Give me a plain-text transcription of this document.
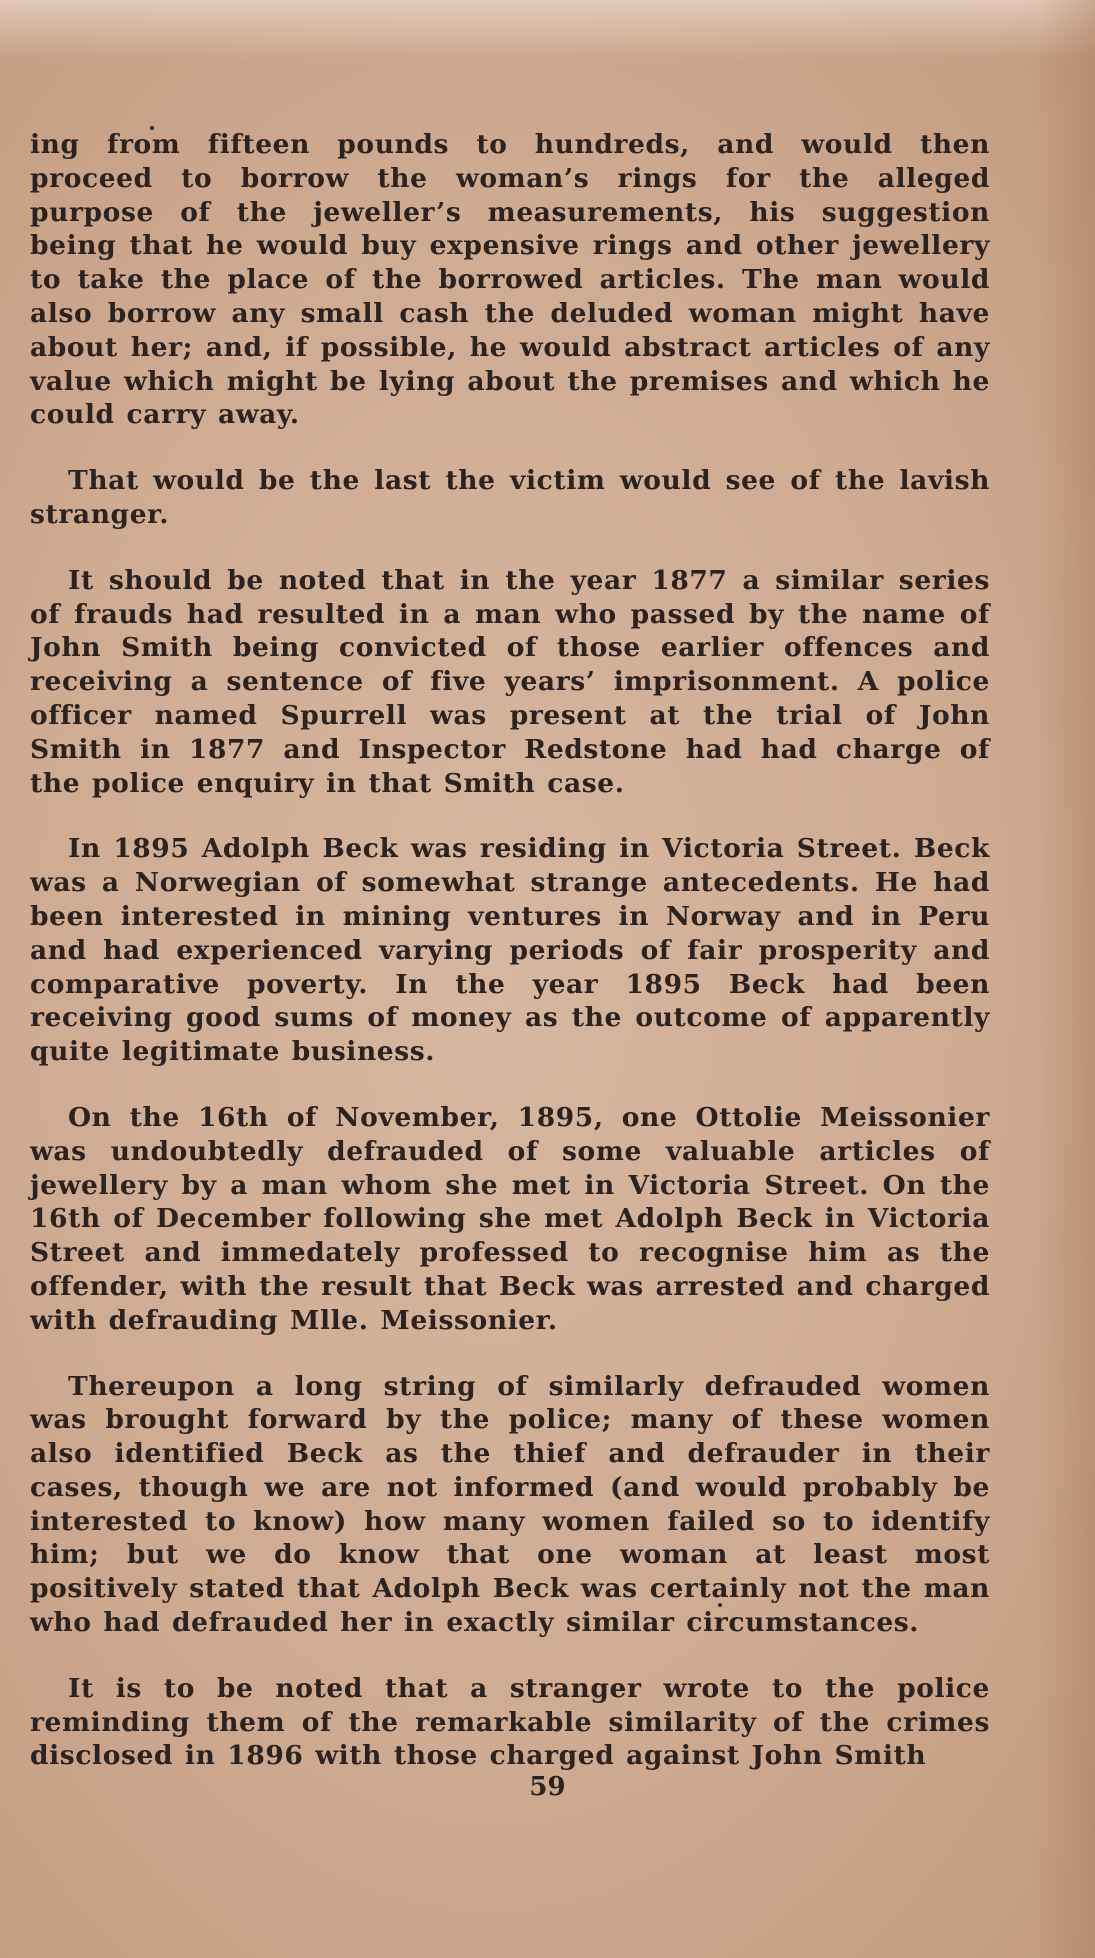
ing from fifteen pounds to hundreds, and would then proceed to borrow the woman’s rings for the alleged purpose of the jeweller’s measurements, his suggestion being that he would buy expensive rings and other jewellery to take the place of the borrowed articles. The man would also borrow any small cash the deluded woman might have about her; and, if possible, he would abstract articles of any value which might be lying about the premises and which he could carry away.

That would be the last the victim would see of the lavish stranger.

It should be noted that in the year 1877 a similar series of frauds had resulted in a man who passed by the name of John Smith being convicted of those earlier offences and receiving a sentence of five years’ imprisonment. A police officer named Spurrell was present at the trial of John Smith in 1877 and Inspector Redstone had had charge of the police enquiry in that Smith case.

In 1895 Adolph Beck was residing in Victoria Street. Beck was a Norwegian of somewhat strange antecedents. He had been interested in mining ventures in Norway and in Peru and had experienced varying periods of fair prosperity and comparative poverty. In the year 1895 Beck had been receiving good sums of money as the outcome of apparently quite legitimate business.

On the 16th of November, 1895, one Ottolie Meissonier was undoubtedly defrauded of some valuable articles of jewellery by a man whom she met in Victoria Street. On the 16th of December following she met Adolph Beck in Victoria Street and immedately professed to recognise him as the offender, with the result that Beck was arrested and charged with defrauding Mlle. Meissonier.

Thereupon a long string of similarly defrauded women was brought forward by the police; many of these women also identified Beck as the thief and defrauder in their cases, though we are not informed (and would probably be interested to know) how many women failed so to identify him; but we do know that one woman at least most positively stated that Adolph Beck was certainly not the man who had defrauded her in exactly similar circumstances.

It is to be noted that a stranger wrote to the police reminding them of the remarkable similarity of the crimes disclosed in 1896 with those charged against John Smith

59
